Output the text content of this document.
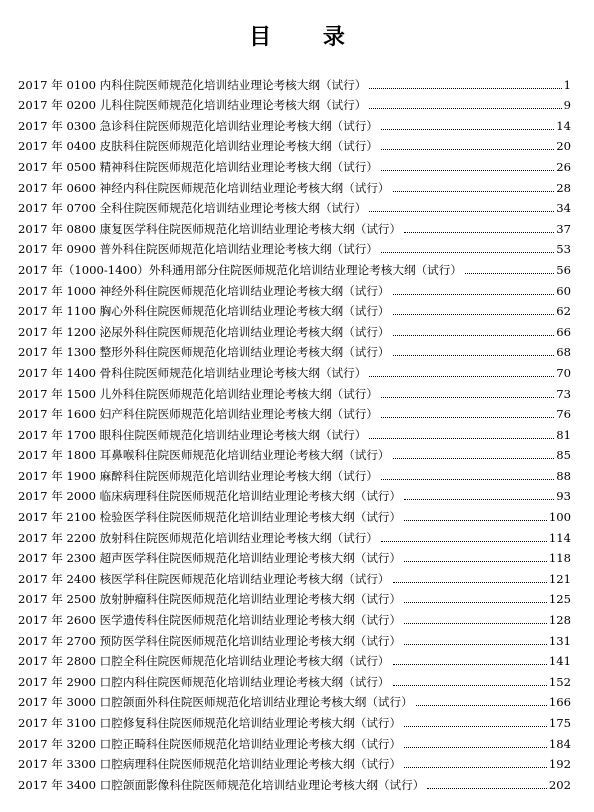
目 录
2017 年 0100 内科住院医师规范化培训结业理论考核大纲（试行）	1
2017 年 0200 儿科住院医师规范化培训结业理论考核大纲（试行）	9
2017 年 0300 急诊科住院医师规范化培训结业理论考核大纲（试行）	14
2017 年 0400 皮肤科住院医师规范化培训结业理论考核大纲（试行）	20
2017 年 0500 精神科住院医师规范化培训结业理论考核大纲（试行）	26
2017 年 0600 神经内科住院医师规范化培训结业理论考核大纲（试行）	28
2017 年 0700 全科住院医师规范化培训结业理论考核大纲（试行）	34
2017 年 0800 康复医学科住院医师规范化培训结业理论考核大纲（试行）	37
2017 年 0900 普外科住院医师规范化培训结业理论考核大纲（试行）	53
2017 年（1000-1400）外科通用部分住院医师规范化培训结业理论考核大纲（试行）	56
2017 年 1000 神经外科住院医师规范化培训结业理论考核大纲（试行）	60
2017 年 1100 胸心外科住院医师规范化培训结业理论考核大纲（试行）	62
2017 年 1200 泌尿外科住院医师规范化培训结业理论考核大纲（试行）	66
2017 年 1300 整形外科住院医师规范化培训结业理论考核大纲（试行）	68
2017 年 1400 骨科住院医师规范化培训结业理论考核大纲（试行）	70
2017 年 1500 儿外科住院医师规范化培训结业理论考核大纲（试行）	73
2017 年 1600 妇产科住院医师规范化培训结业理论考核大纲（试行）	76
2017 年 1700 眼科住院医师规范化培训结业理论考核大纲（试行）	81
2017 年 1800 耳鼻喉科住院医师规范化培训结业理论考核大纲（试行）	85
2017 年 1900 麻醉科住院医师规范化培训结业理论考核大纲（试行）	88
2017 年 2000 临床病理科住院医师规范化培训结业理论考核大纲（试行）	93
2017 年 2100 检验医学科住院医师规范化培训结业理论考核大纲（试行）	100
2017 年 2200 放射科住院医师规范化培训结业理论考核大纲（试行）	114
2017 年 2300 超声医学科住院医师规范化培训结业理论考核大纲（试行）	118
2017 年 2400 核医学科住院医师规范化培训结业理论考核大纲（试行）	121
2017 年 2500 放射肿瘤科住院医师规范化培训结业理论考核大纲（试行）	125
2017 年 2600 医学遗传科住院医师规范化培训结业理论考核大纲（试行）	128
2017 年 2700 预防医学科住院医师规范化培训结业理论考核大纲（试行）	131
2017 年 2800 口腔全科住院医师规范化培训结业理论考核大纲（试行）	141
2017 年 2900 口腔内科住院医师规范化培训结业理论考核大纲（试行）	152
2017 年 3000 口腔颌面外科住院医师规范化培训结业理论考核大纲（试行）	166
2017 年 3100 口腔修复科住院医师规范化培训结业理论考核大纲（试行）	175
2017 年 3200 口腔正畸科住院医师规范化培训结业理论考核大纲（试行）	184
2017 年 3300 口腔病理科住院医师规范化培训结业理论考核大纲（试行）	192
2017 年 3400 口腔颌面影像科住院医师规范化培训结业理论考核大纲（试行）	202
